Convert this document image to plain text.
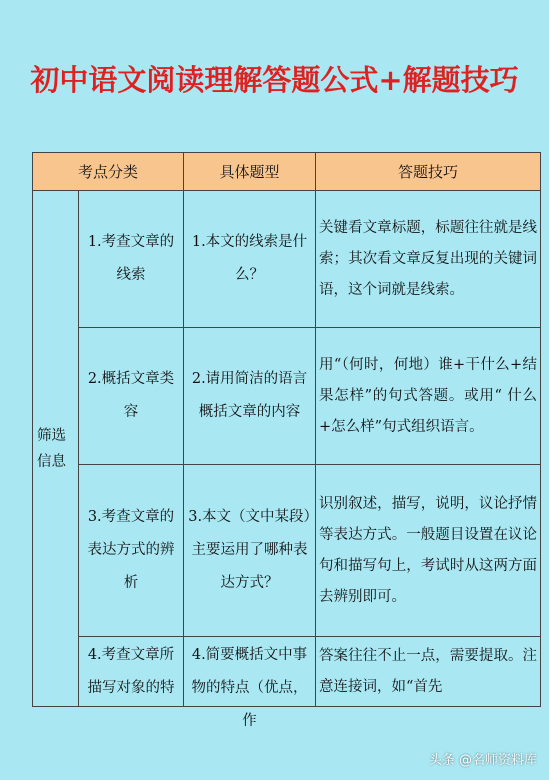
初中语文阅读理解答题公式+解题技巧
考点分类		具体题型	答题技巧

筛选信息	1.考查文章的线索	1.本文的线索是什么？	关键看文章标题，标题往往就是线索；其次看文章反复出现的关键词语，这个词就是线索。
	2.概括文章类容	2.请用简洁的语言概括文章的内容	用“（何时，何地）谁+干什么+结果怎样”的句式答题。或用“ 什么+怎么样”句式组织语言。
	3.考查文章的表达方式的辨析	3.本文（文中某段）主要运用了哪种表达方式？	识别叙述，描写，说明，议论抒情等表达方式。一般题目设置在议论句和描写句上，考试时从这两方面去辨别即可。

	4.考查文章所描写对象的特	4.简要概括文中事物的特点（优点，作	答案往往不止一点，需要提取。注意连接词，如“首先
头条 @名师资料库
